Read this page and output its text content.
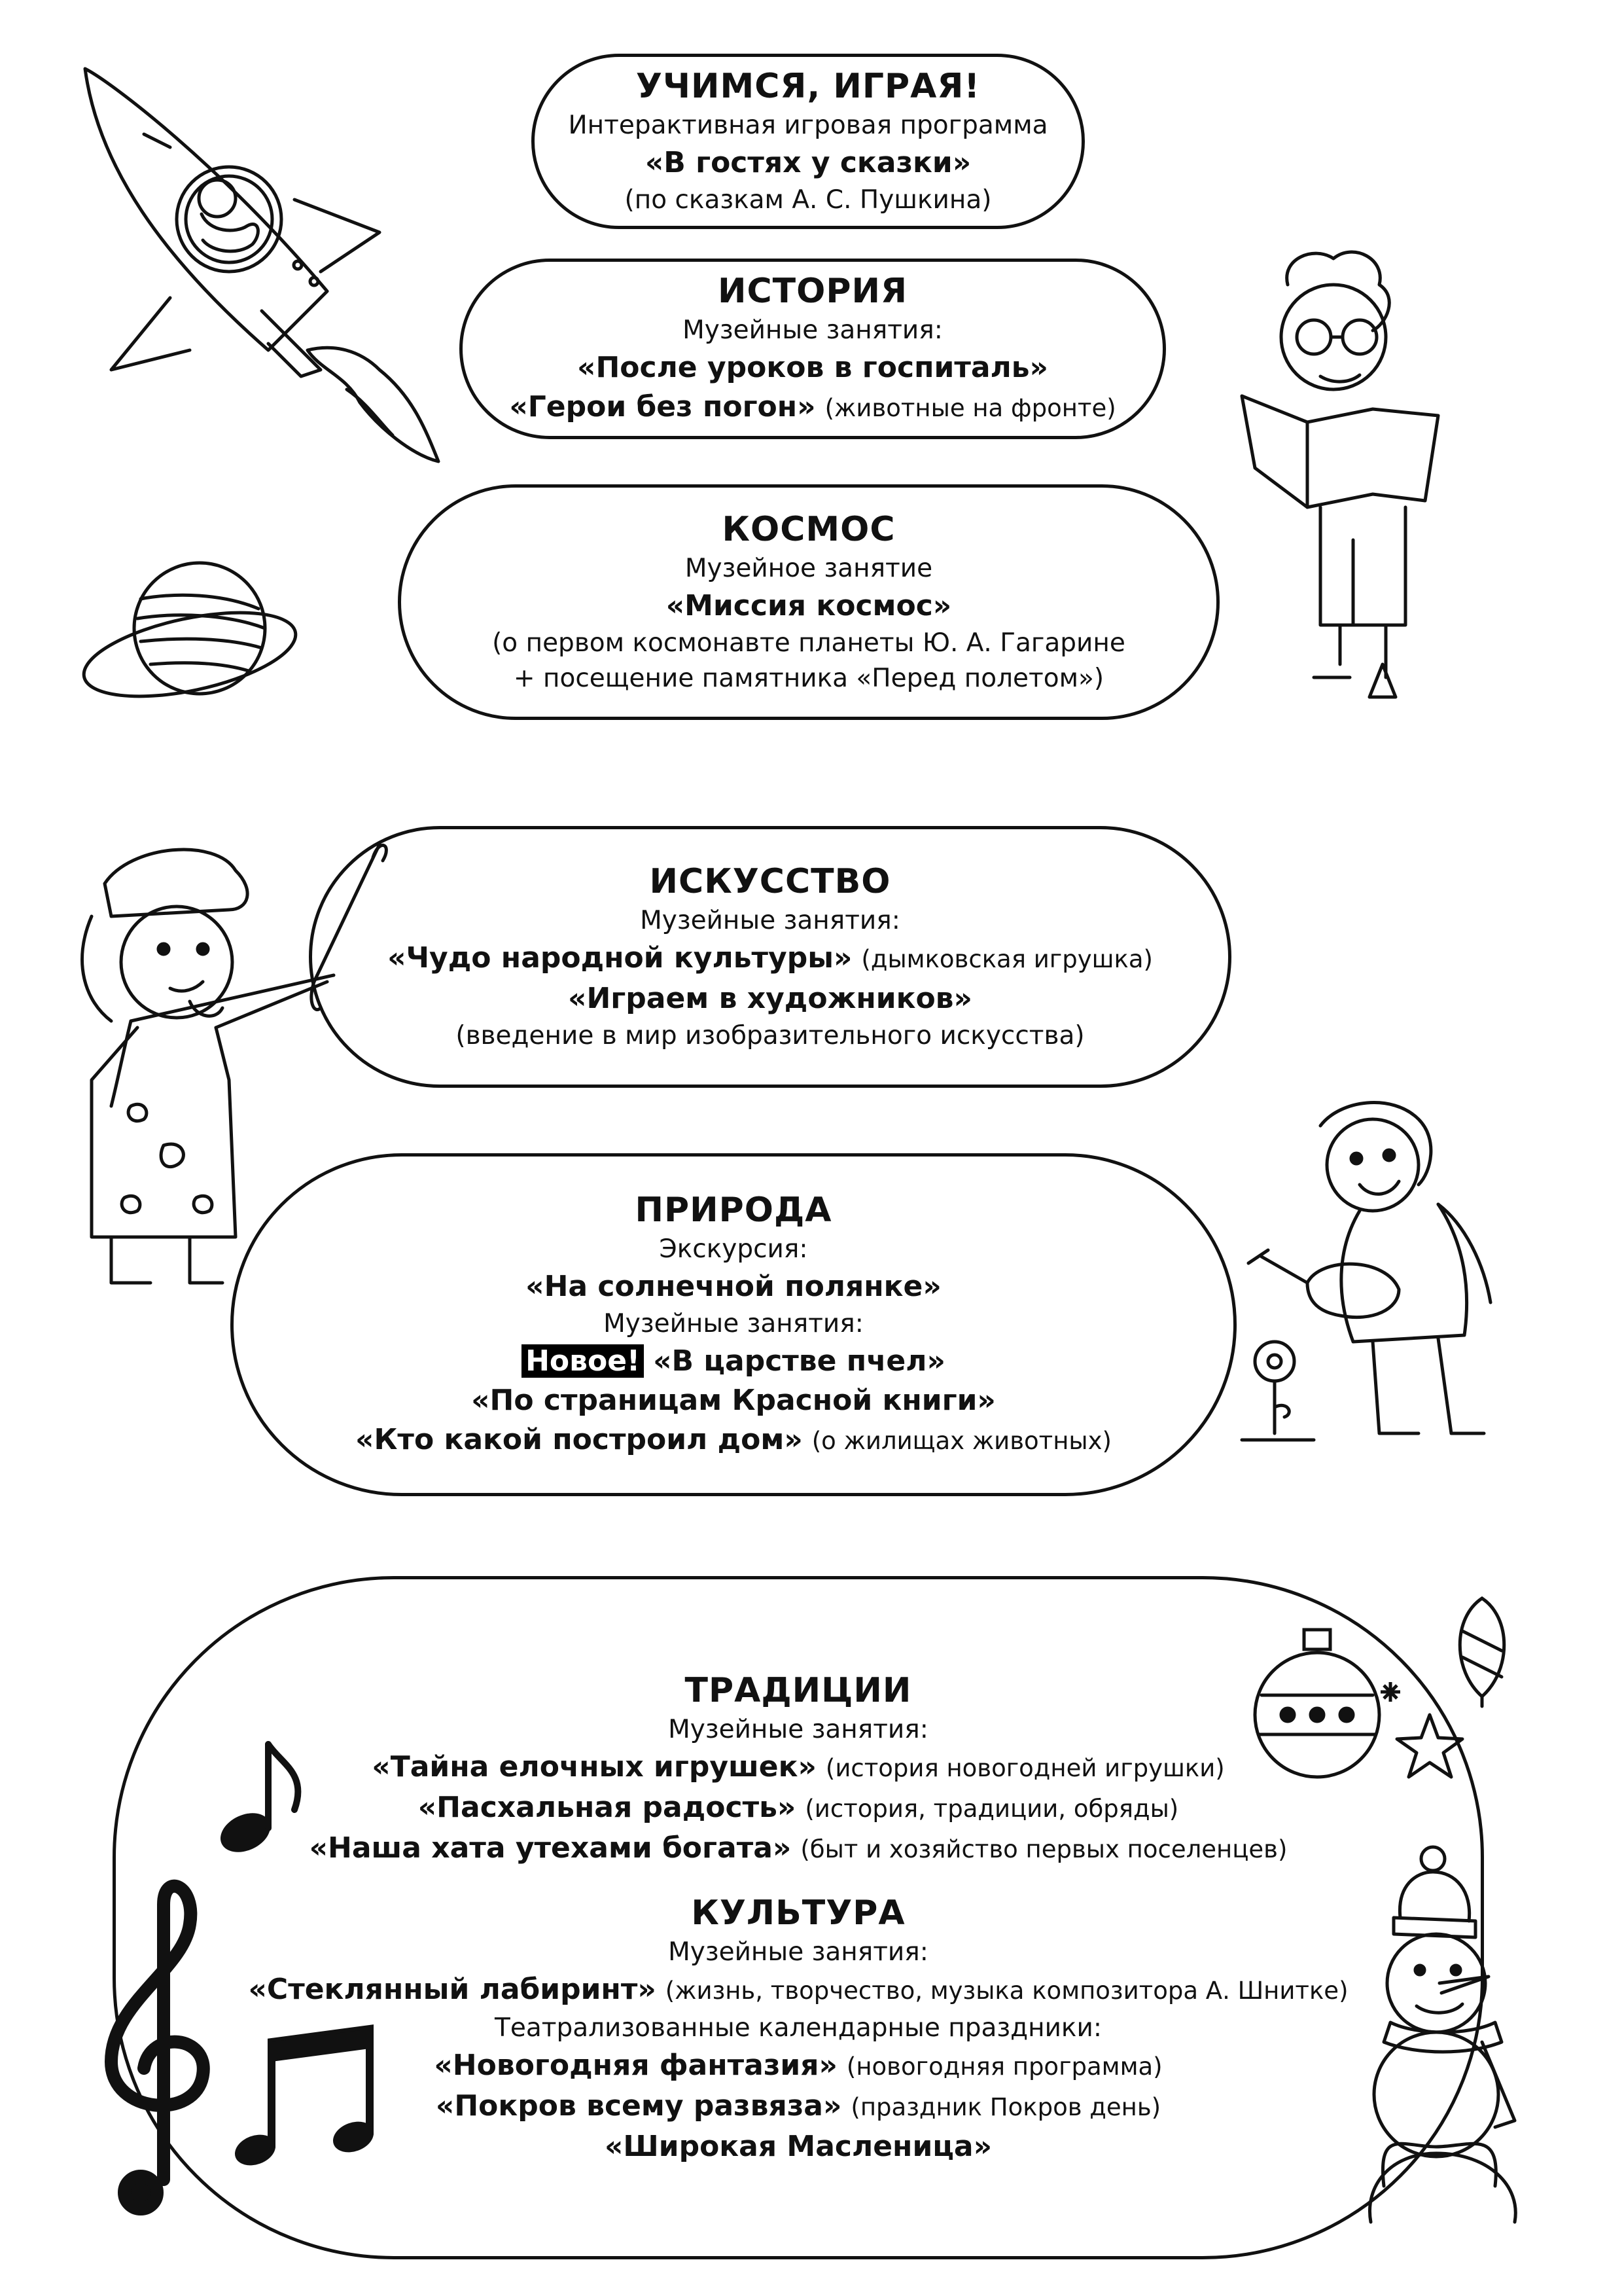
УЧИМСЯ, ИГРАЯ!
Интерактивная игровая программа
«В гостях у сказки»
(по сказкам А. С. Пушкина)
ИСТОРИЯ
Музейные занятия:
«После уроков в госпиталь»
«Герои без погон» (животные на фронте)
КОСМОС
Музейное занятие
«Миссия космос»
(о первом космонавте планеты Ю. А. Гагарине
+ посещение памятника «Перед полетом»)
ИСКУССТВО
Музейные занятия:
«Чудо народной культуры» (дымковская игрушка)
«Играем в художников»
(введение в мир изобразительного искусства)
ПРИРОДА
Экскурсия:
«На солнечной полянке»
Музейные занятия:
Новое! «В царстве пчел»
«По страницам Красной книги»
«Кто какой построил дом» (о жилищах животных)
ТРАДИЦИИ
Музейные занятия:
«Тайна елочных игрушек» (история новогодней игрушки)
«Пасхальная радость» (история, традиции, обряды)
«Наша хата утехами богата» (быт и хозяйство первых поселенцев)
КУЛЬТУРА
Музейные занятия:
«Стеклянный лабиринт» (жизнь, творчество, музыка композитора А. Шнитке)
Театрализованные календарные праздники:
«Новогодняя фантазия» (новогодняя программа)
«Покров всему развяза» (праздник Покров день)
«Широкая Масленица»
